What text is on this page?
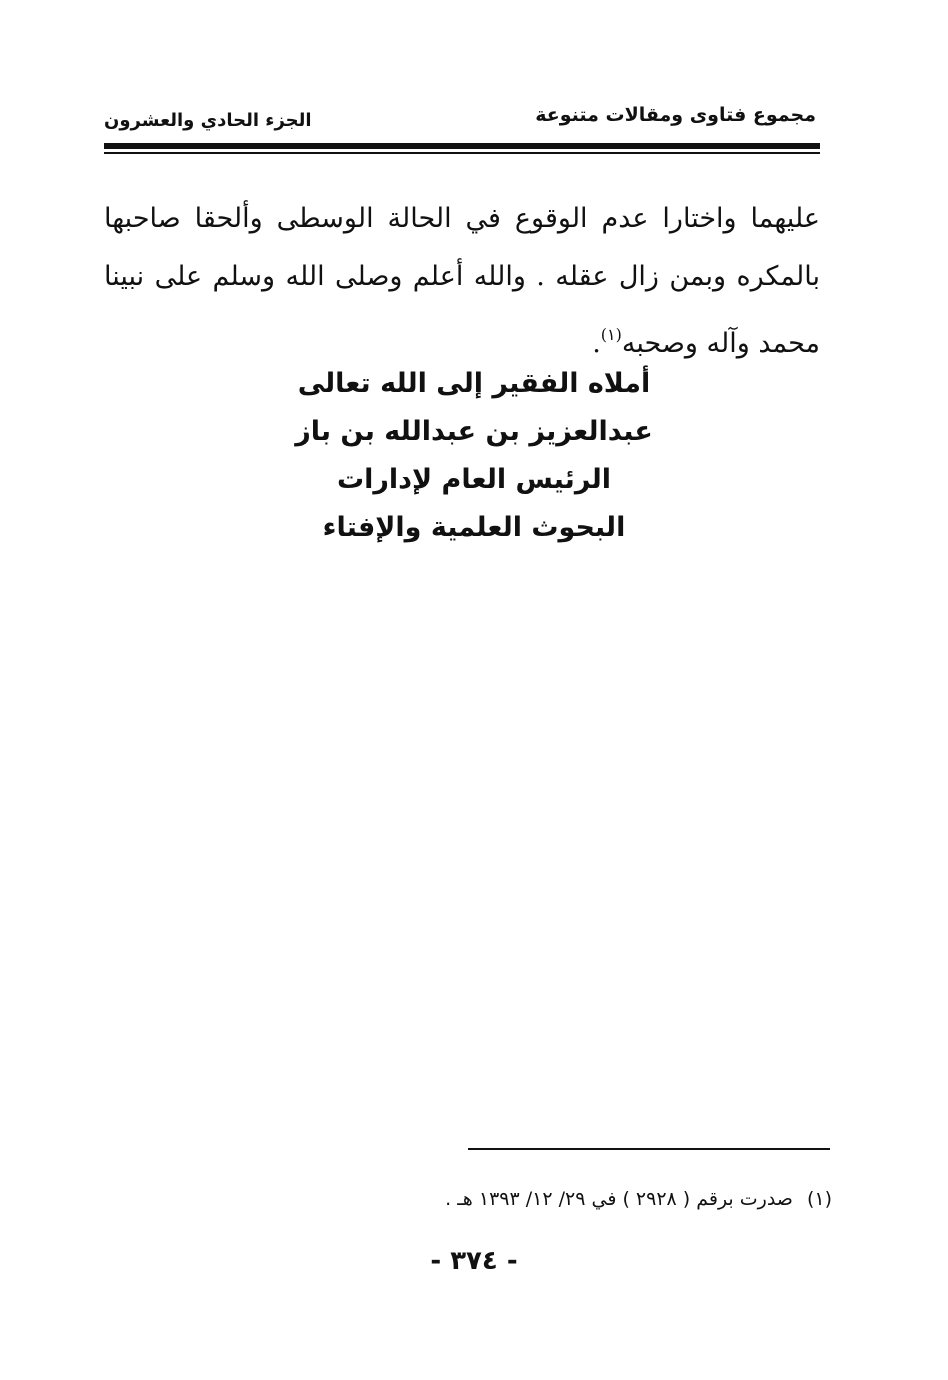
مجموع فتاوى ومقالات متنوعة
الجزء الحادي والعشرون
عليهما واختارا عدم الوقوع في الحالة الوسطى وألحقا صاحبها بالمكره وبمن زال عقله . والله أعلم وصلى الله وسلم على نبينا محمد وآله وصحبه$^{(١)}$.
أملاه الفقير إلى الله تعالى
عبدالعزيز بن عبدالله بن باز
الرئيس العام لإدارات
البحوث العلمية والإفتاء
(١)صدرت برقم ( ٢٩٢٨ ) في ٢٩/ ١٢/ ١٣٩٣ هـ .
- ٣٧٤ -
